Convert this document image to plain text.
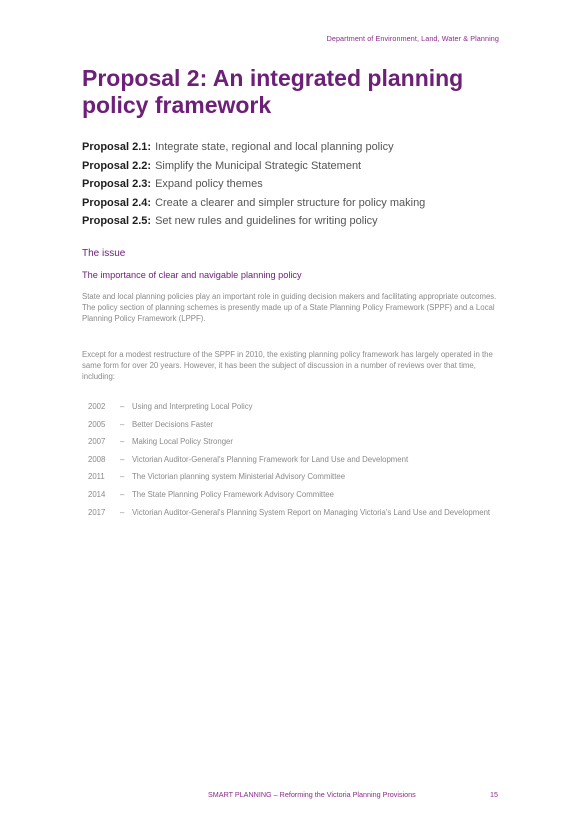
Department of Environment, Land, Water & Planning
Proposal 2: An integrated planning policy framework
Proposal 2.1: Integrate state, regional and local planning policy
Proposal 2.2: Simplify the Municipal Strategic Statement
Proposal 2.3: Expand policy themes
Proposal 2.4: Create a clearer and simpler structure for policy making
Proposal 2.5: Set new rules and guidelines for writing policy
The issue
The importance of clear and navigable planning policy

State and local planning policies play an important role in guiding decision makers and facilitating appropriate outcomes. The policy section of planning schemes is presently made up of a State Planning Policy Framework (SPPF) and a Local Planning Policy Framework (LPPF).

Except for a modest restructure of the SPPF in 2010, the existing planning policy framework has largely operated in the same form for over 20 years. However, it has been the subject of discussion in a number of reviews over that time, including:

2002	– Using and Interpreting Local Policy
2005	– Better Decisions Faster
2007	– Making Local Policy Stronger
2008	– Victorian Auditor-General's Planning Framework for Land Use and Development
2011	– The Victorian planning system Ministerial Advisory Committee
2014	– The State Planning Policy Framework Advisory Committee
2017	– Victorian Auditor-General's Planning System Report on Managing Victoria's Land Use and Development
SMART PLANNING – Reforming the Victoria Planning Provisions	15
